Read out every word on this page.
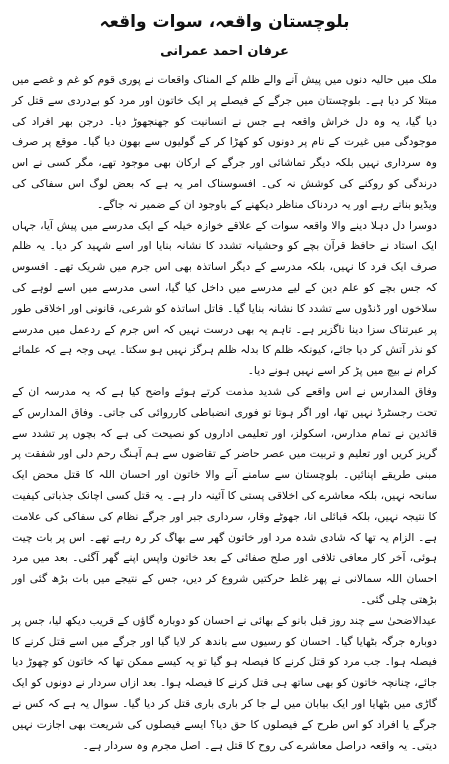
بلوچستان واقعہ، سوات واقعہ
عرفان احمد عمرانی

ملک میں حالیہ دنوں میں پیش آنے والے ظلم کے المناک واقعات نے پوری قوم کو غم و غصے میں مبتلا کر دیا ہے۔ بلوچستان میں جرگے کے فیصلے پر ایک خاتون اور مرد کو بےدردی سے قتل کر دیا گیا، یہ وہ دل خراش واقعہ ہے جس نے انسانیت کو جھنجھوڑ دیا۔ درجن بھر افراد کی موجودگی میں غیرت کے نام پر دونوں کو کھڑا کر کے گولیوں سے بھون دیا گیا۔ موقع پر صرف وہ سرداری نہیں بلکہ دیگر تماشائی اور جرگے کے ارکان بھی موجود تھے، مگر کسی نے اس درندگی کو روکنے کی کوشش نہ کی۔ افسوسناک امر یہ ہے کہ بعض لوگ اس سفاکی کی ویڈیو بناتے رہے اور یہ دردناک مناظر دیکھنے کے باوجود ان کے ضمیر نہ جاگے۔

دوسرا دل دہلا دینے والا واقعہ سوات کے علاقے خوازہ خیلہ کے ایک مدرسے میں پیش آیا، جہاں ایک استاد نے حافظ قرآن بچے کو وحشیانہ تشدد کا نشانہ بنایا اور اسے شہید کر دیا۔ یہ ظلم صرف ایک فرد کا نہیں، بلکہ مدرسے کے دیگر اساتذہ بھی اس جرم میں شریک تھے۔ افسوس کہ جس بچے کو علم دین کے لیے مدرسے میں داخل کیا گیا، اسی مدرسے میں اسے لوہے کی سلاخوں اور ڈنڈوں سے تشدد کا نشانہ بنایا گیا۔ قاتل اساتذہ کو شرعی، قانونی اور اخلاقی طور پر عبرتناک سزا دینا ناگزیر ہے۔ تاہم یہ بھی درست نہیں کہ اس جرم کے ردعمل میں مدرسے کو نذر آتش کر دیا جائے، کیونکہ ظلم کا بدلہ ظلم ہرگز نہیں ہو سکتا۔ یہی وجہ ہے کہ علمائے کرام نے بیچ میں پڑ کر اسے نہیں ہونے دیا۔

وفاق المدارس نے اس واقعے کی شدید مذمت کرتے ہوئے واضح کیا ہے کہ یہ مدرسہ ان کے تحت رجسٹرڈ نہیں تھا، اور اگر ہوتا تو فوری انضباطی کارروائی کی جاتی۔ وفاق المدارس کے قائدین نے تمام مدارس، اسکولز، اور تعلیمی اداروں کو نصیحت کی ہے کہ بچوں پر تشدد سے گریز کریں اور تعلیم و تربیت میں عصر حاضر کے تقاضوں سے ہم آہنگ رحم دلی اور شفقت پر مبنی طریقے اپنائیں۔ بلوچستان سے سامنے آنے والا خاتون اور احسان اللہ کا قتل محض ایک سانحہ نہیں، بلکہ معاشرے کی اخلاقی پستی کا آئینہ دار ہے۔ یہ قتل کسی اچانک جذباتی کیفیت کا نتیجہ نہیں، بلکہ قبائلی انا، جھوٹے وقار، سرداری جبر اور جرگے نظام کی سفاکی کی علامت ہے۔ الزام یہ تھا کہ شادی شدہ مرد اور خاتون گھر سے بھاگ کر رہ رہے تھے۔ اس پر بات چیت ہوئی، آخر کار معافی تلافی اور صلح صفائی کے بعد خاتون واپس اپنے گھر آگئی۔ بعد میں مرد احسان اللہ سمالانی نے پھر غلط حرکتیں شروع کر دیں، جس کے نتیجے میں بات بڑھ گئی اور بڑھتی چلی گئی۔

عیدالاضحیٰ سے چند روز قبل بانو کے بھائی نے احسان کو دوبارہ گاؤں کے قریب دیکھ لیا، جس پر دوبارہ جرگہ بٹھایا گیا۔ احسان کو رسیوں سے باندھ کر لایا گیا اور جرگے میں اسے قتل کرنے کا فیصلہ ہوا۔ جب مرد کو قتل کرنے کا فیصلہ ہو گیا تو یہ کیسے ممکن تھا کہ خاتون کو چھوڑ دیا جائے، چنانچہ خاتون کو بھی ساتھ ہی قتل کرنے کا فیصلہ ہوا۔ بعد ازاں سردار نے دونوں کو ایک گاڑی میں بٹھایا اور ایک بیابان میں لے جا کر باری باری قتل کر دیا گیا۔ سوال یہ ہے کہ کس نے جرگے یا افراد کو اس طرح کے فیصلوں کا حق دیا؟ ایسے فیصلوں کی شریعت بھی اجازت نہیں دیتی۔ یہ واقعہ دراصل معاشرے کی روح کا قتل ہے۔ اصل مجرم وہ سردار ہے۔
